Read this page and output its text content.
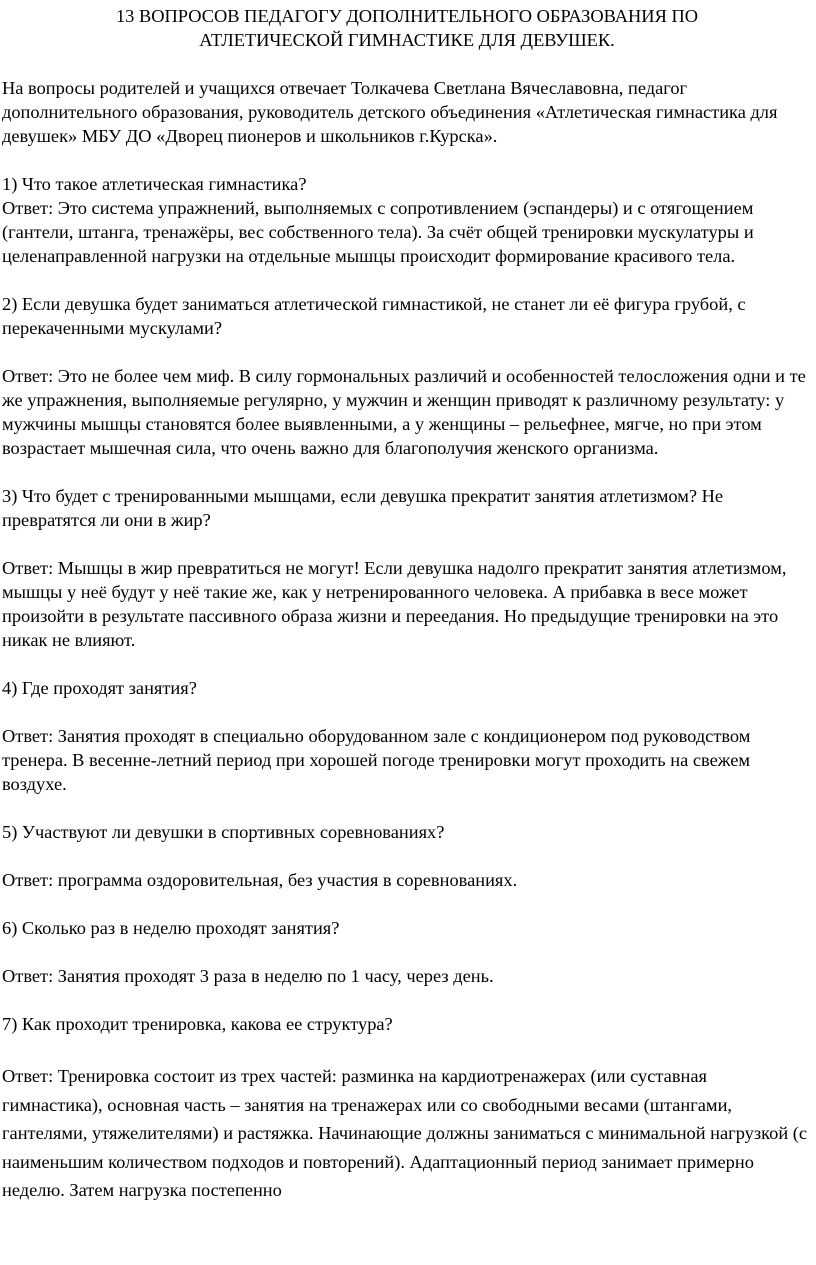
13 ВОПРОСОВ ПЕДАГОГУ ДОПОЛНИТЕЛЬНОГО ОБРАЗОВАНИЯ ПО
АТЛЕТИЧЕСКОЙ ГИМНАСТИКЕ ДЛЯ ДЕВУШЕК.

На вопросы родителей и учащихся отвечает Толкачева Светлана Вячеславовна, педагог дополнительного образования, руководитель детского объединения «Атлетическая гимнастика для девушек» МБУ ДО «Дворец пионеров и школьников г.Курска».

1) Что такое атлетическая гимнастика?

Ответ: Это система упражнений, выполняемых с сопротивлением (эспандеры) и с отягощением (гантели, штанга, тренажёры, вес собственного тела). За счёт общей тренировки мускулатуры и целенаправленной нагрузки на отдельные мышцы происходит формирование красивого тела.

2) Если девушка будет заниматься атлетической гимнастикой, не станет ли её фигура грубой, с перекаченными мускулами?

Ответ: Это не более чем миф. В силу гормональных различий и особенностей телосложения одни и те же упражнения, выполняемые регулярно, у мужчин и женщин приводят к различному результату: у мужчины мышцы становятся более выявленными, а у женщины – рельефнее, мягче, но при этом возрастает мышечная сила, что очень важно для благополучия женского организма.

3) Что будет с тренированными мышцами, если девушка прекратит занятия атлетизмом? Не превратятся ли они в жир?

Ответ: Мышцы в жир превратиться не могут! Если девушка надолго прекратит занятия атлетизмом, мышцы у неё будут у неё такие же, как у нетренированного человека. А прибавка в весе может произойти в результате пассивного образа жизни и переедания. Но предыдущие тренировки на это никак не влияют.

4) Где проходят занятия?

Ответ: Занятия проходят в специально оборудованном зале с кондиционером под руководством тренера. В весенне-летний период при хорошей погоде тренировки могут проходить на свежем воздухе.

5) Участвуют ли девушки в спортивных соревнованиях?

Ответ: программа оздоровительная, без участия в соревнованиях.

6) Сколько раз в неделю проходят занятия?

Ответ: Занятия проходят 3 раза в неделю по 1 часу, через день.

7) Как проходит тренировка, какова ее структура?

Ответ: Тренировка состоит из трех частей: разминка на кардиотренажерах (или суставная гимнастика), основная часть – занятия на тренажерах или со свободными весами (штангами, гантелями, утяжелителями) и растяжка. Начинающие должны заниматься с минимальной нагрузкой (с наименьшим количеством подходов и повторений). Адаптационный период занимает примерно неделю. Затем нагрузка постепенно
